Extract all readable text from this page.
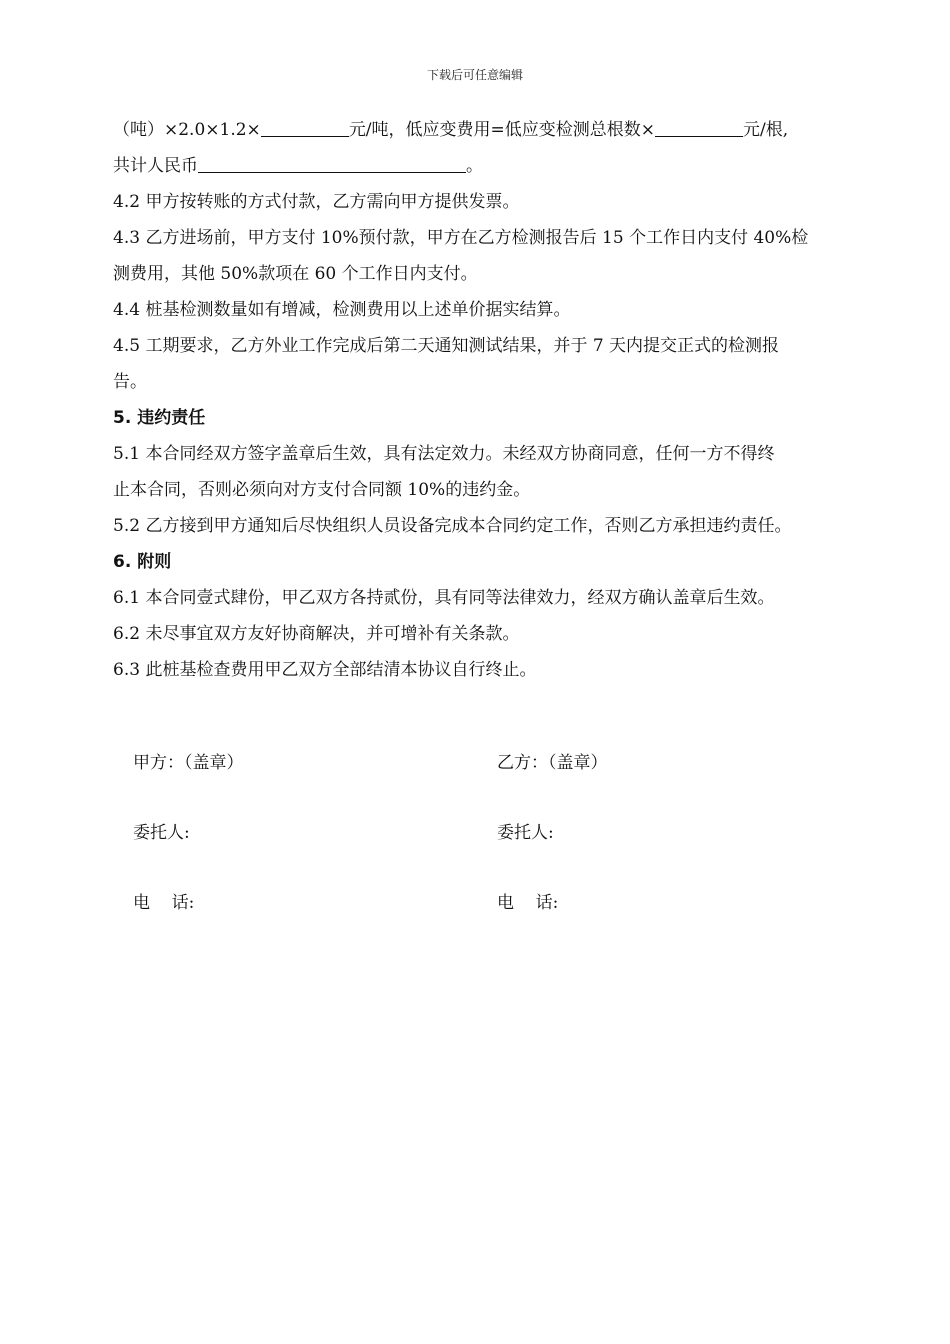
下载后可任意编辑

（吨）×2.0×1.2×	元/吨，低应变费用=低应变检测总根数×	元/根,

共计人民币	。

4.2 甲方按转账的方式付款，乙方需向甲方提供发票。

4.3 乙方进场前，甲方支付 10%预付款，甲方在乙方检测报告后 15 个工作日内支付 40%检

测费用，其他 50%款项在 60 个工作日内支付。

4.4 桩基检测数量如有增减，检测费用以上述单价据实结算。

4.5 工期要求，乙方外业工作完成后第二天通知测试结果，并于 7 天内提交正式的检测报

告。

5. 违约责任

5.1 本合同经双方签字盖章后生效，具有法定效力。未经双方协商同意，任何一方不得终

止本合同，否则必须向对方支付合同额 10%的违约金。

5.2 乙方接到甲方通知后尽快组织人员设备完成本合同约定工作，否则乙方承担违约责任。

6. 附则

6.1 本合同壹式肆份，甲乙双方各持贰份，具有同等法律效力，经双方确认盖章后生效。

6.2 未尽事宜双方友好协商解决，并可增补有关条款。

6.3 此桩基检查费用甲乙双方全部结清本协议自行终止。

甲方：（盖章）	乙方：（盖章）
委托人:	委托人:
电    话:	电    话:
